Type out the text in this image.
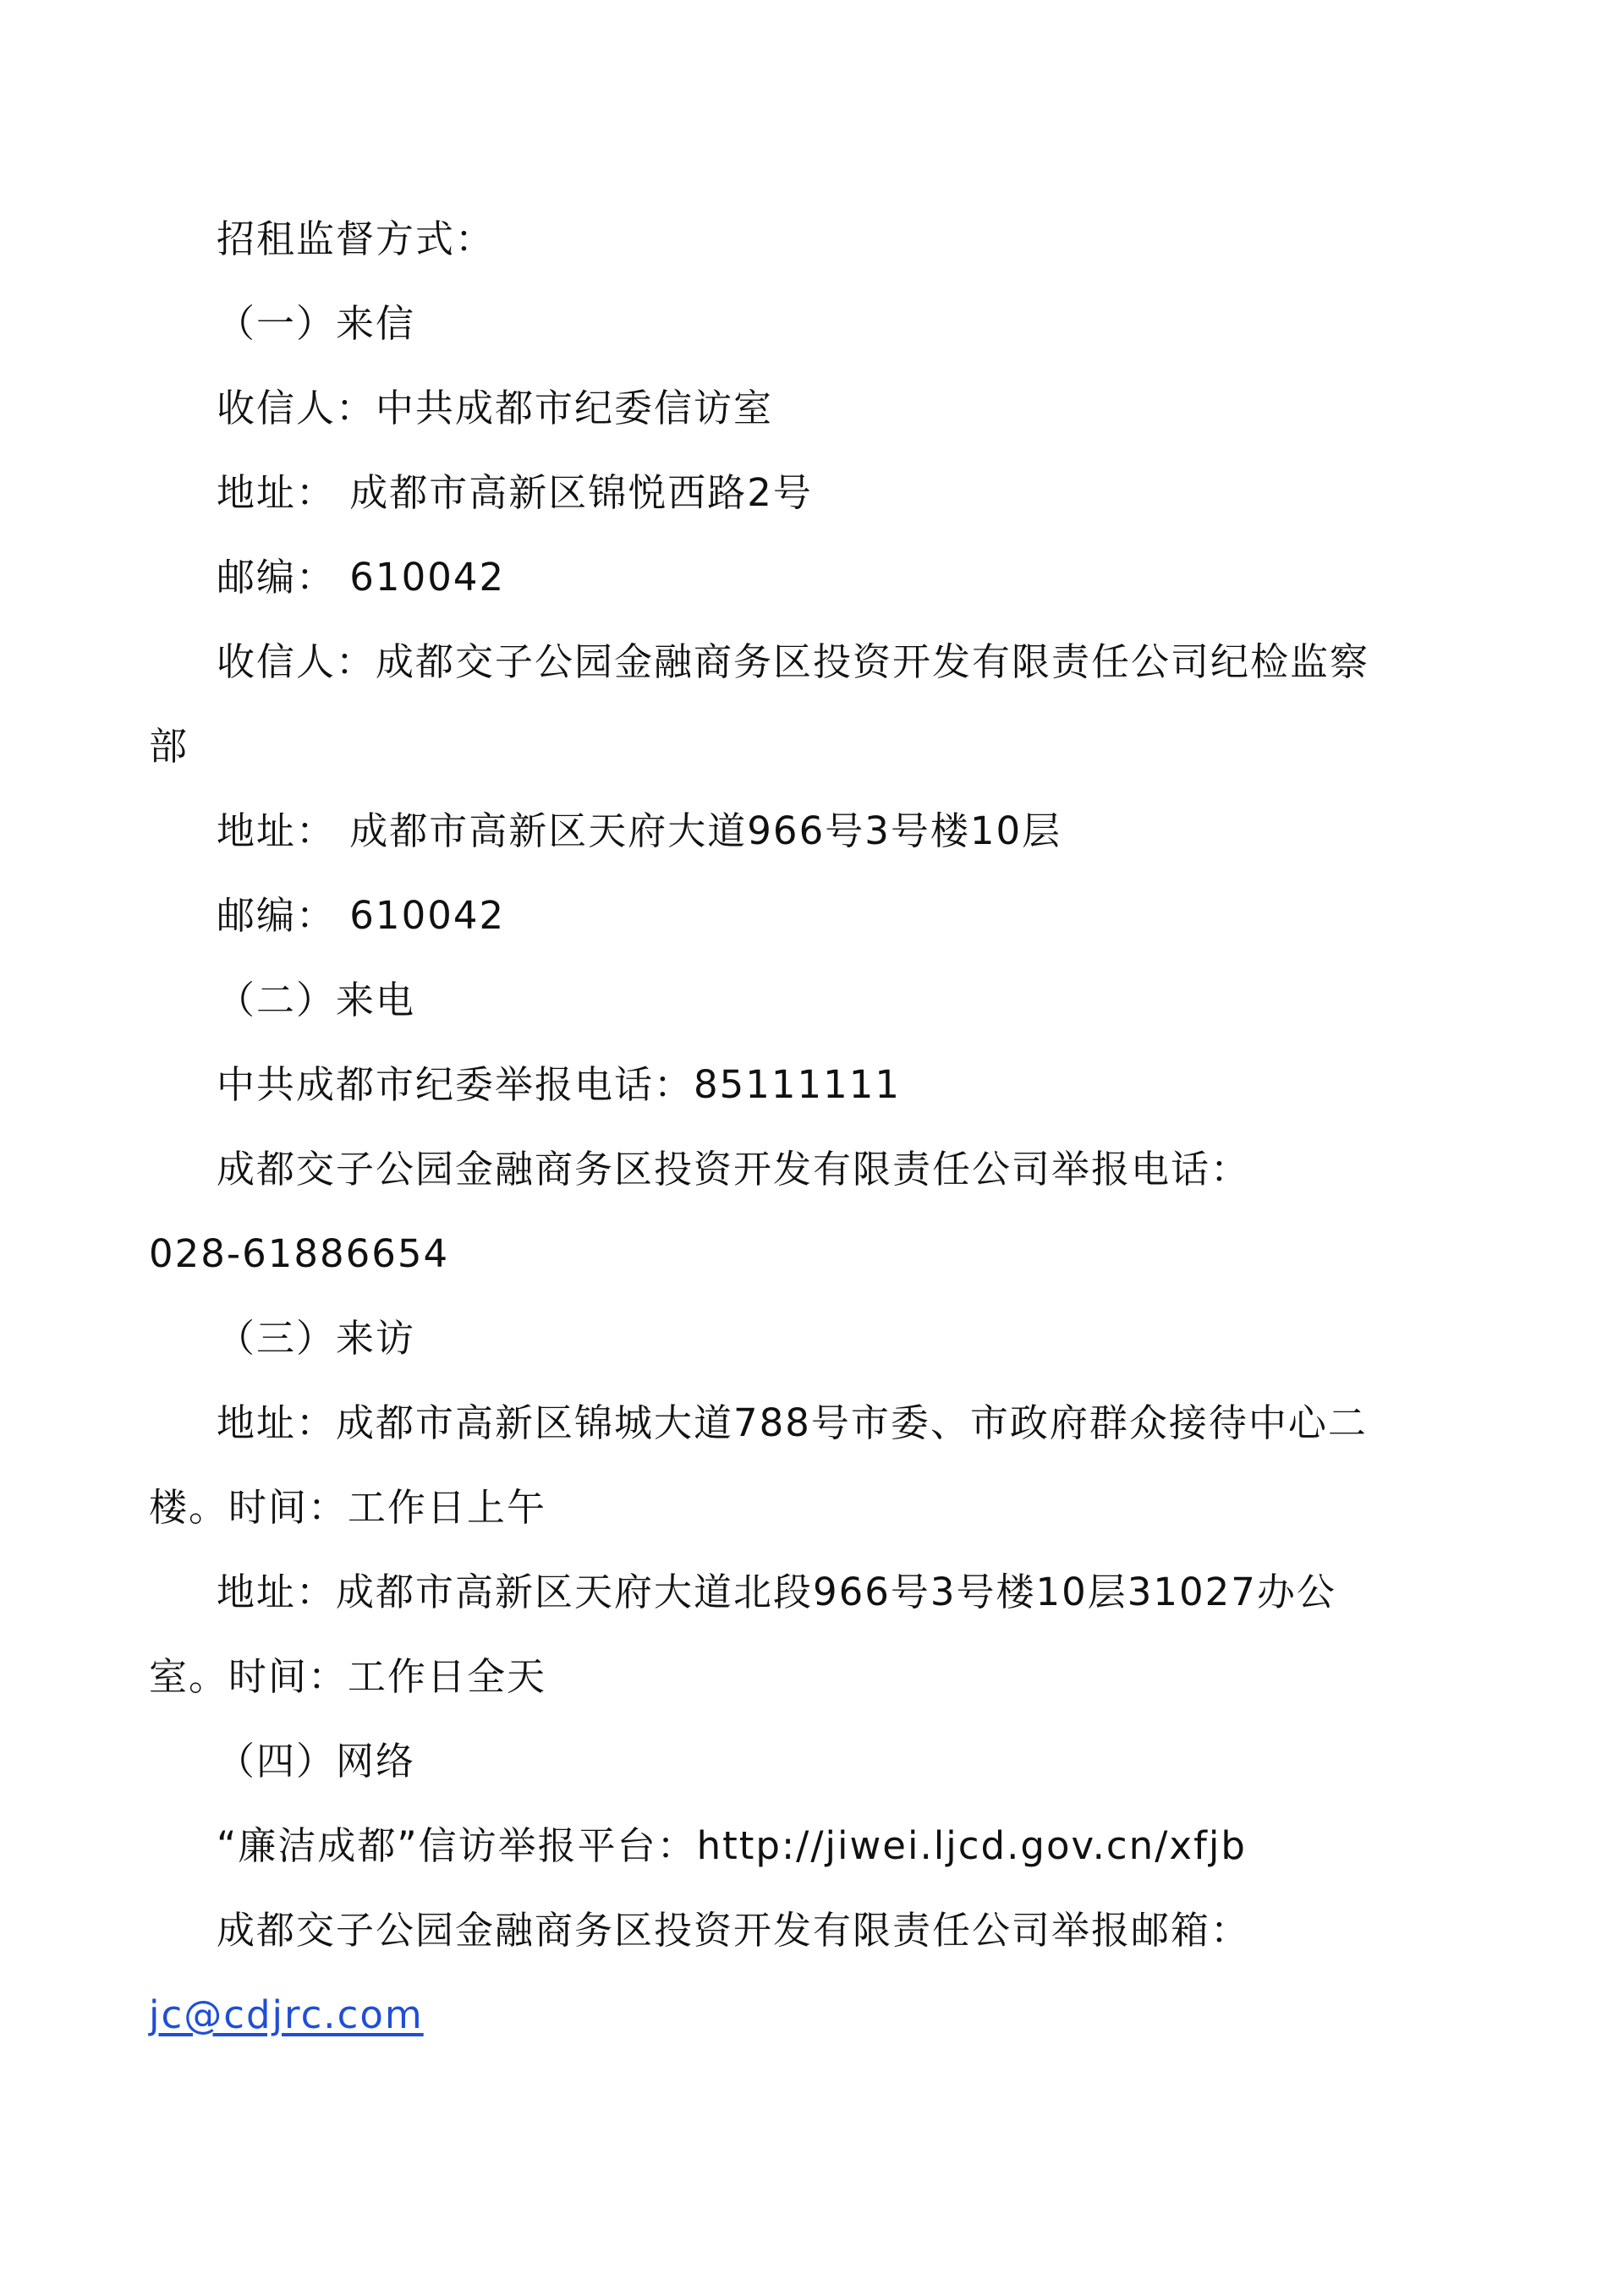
招租监督方式：
（一）来信
收信人：中共成都市纪委信访室
地址： 成都市高新区锦悦西路2号
邮编： 610042
收信人：成都交子公园金融商务区投资开发有限责任公司纪检监察
部
地址： 成都市高新区天府大道966号3号楼10层
邮编： 610042
（二）来电
中共成都市纪委举报电话：85111111
成都交子公园金融商务区投资开发有限责任公司举报电话：
028-61886654
（三）来访
地址：成都市高新区锦城大道788号市委、市政府群众接待中心二
楼。时间：工作日上午
地址：成都市高新区天府大道北段966号3号楼10层31027办公
室。时间：工作日全天
（四）网络
“廉洁成都”信访举报平台：http://jiwei.ljcd.gov.cn/xfjb
成都交子公园金融商务区投资开发有限责任公司举报邮箱：
jc@cdjrc.com
